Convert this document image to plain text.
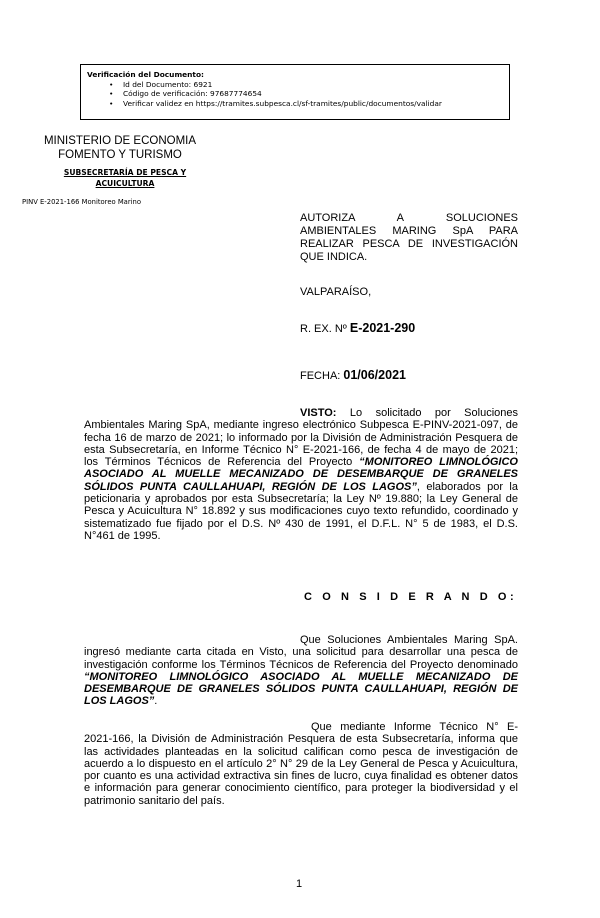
Verificación del Documento:
• Id del Documento: 6921
• Código de verificación: 97687774654
• Verificar validez en https://tramites.subpesca.cl/sf-tramites/public/documentos/validar
MINISTERIO DE ECONOMIA
FOMENTO Y TURISMO
SUBSECRETARÍA DE PESCA Y
ACUICULTURA
PINV E-2021-166 Monitoreo Marino
AUTORIZA A SOLUCIONES
AMBIENTALES MARING SpA PARA
REALIZAR PESCA DE INVESTIGACIÓN
QUE INDICA.
VALPARAÍSO,
R. EX. Nº E-2021-290
FECHA: 01/06/2021
VISTO: Lo solicitado por Soluciones Ambientales Maring SpA, mediante ingreso electrónico Subpesca E-PINV-2021-097, de fecha 16 de marzo de 2021; lo informado por la División de Administración Pesquera de esta Subsecretaría, en Informe Técnico N° E-2021-166, de fecha 4 de mayo de 2021; los Términos Técnicos de Referencia del Proyecto “MONITOREO LIMNOLÓGICO ASOCIADO AL MUELLE MECANIZADO DE DESEMBARQUE DE GRANELES SÓLIDOS PUNTA CAULLAHUAPI, REGIÓN DE LOS LAGOS”, elaborados por la peticionaria y aprobados por esta Subsecretaría; la Ley Nº 19.880; la Ley General de Pesca y Acuicultura N° 18.892 y sus modificaciones cuyo texto refundido, coordinado y sistematizado fue fijado por el D.S. Nº 430 de 1991, el D.F.L. N° 5 de 1983, el D.S. N°461 de 1995.
C O N S I D E R A N D O:
Que Soluciones Ambientales Maring SpA. ingresó mediante carta citada en Visto, una solicitud para desarrollar una pesca de investigación conforme los Términos Técnicos de Referencia del Proyecto denominado “MONITOREO LIMNOLÓGICO ASOCIADO AL MUELLE MECANIZADO DE DESEMBARQUE DE GRANELES SÓLIDOS PUNTA CAULLAHUAPI, REGIÓN DE LOS LAGOS”.
Que mediante Informe Técnico N° E-2021-166, la División de Administración Pesquera de esta Subsecretaría, informa que las actividades planteadas en la solicitud califican como pesca de investigación de acuerdo a lo dispuesto en el artículo 2° N° 29 de la Ley General de Pesca y Acuicultura, por cuanto es una actividad extractiva sin fines de lucro, cuya finalidad es obtener datos e información para generar conocimiento científico, para proteger la biodiversidad y el patrimonio sanitario del país.
1
